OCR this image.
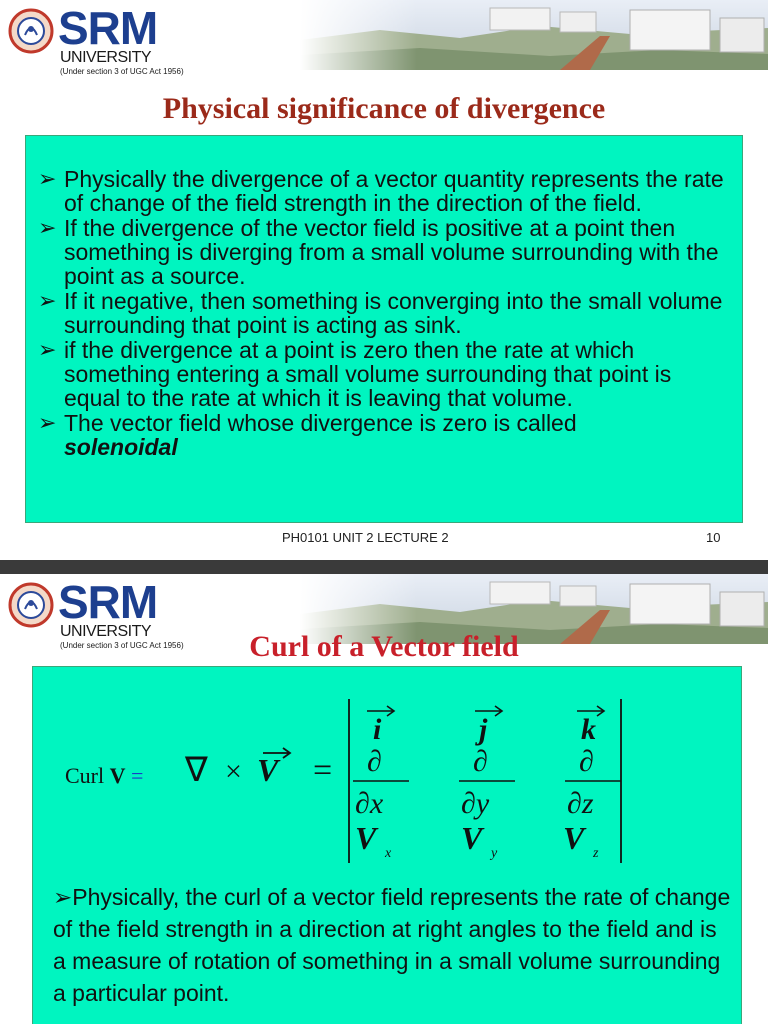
SRM
UNIVERSITY
(Under section 3 of UGC Act 1956)
Physical significance of divergence
➢ Physically the divergence of a vector quantity represents the rate of change of the field strength in the direction of the field.
➢ If the divergence of the vector field is positive at a point then something is diverging from a small volume surrounding with the point as a source.
➢ If it negative, then something is converging into the small volume surrounding that point is acting as sink.
➢ if the divergence at a point is zero then the rate at which something entering a small volume surrounding that point is equal to the rate at which it is leaving that volume.
➢ The vector field whose divergence is zero is called
solenoidal
PH0101 UNIT 2 LECTURE 2	10
SRM
UNIVERSITY
(Under section 3 of UGC Act 1956)	Curl of a Vector field
Curl V = ∇ × V =
i	j	k
∂
∂x
∂
∂y
∂
∂z
V x V y V z
➢Physically, the curl of a vector field represents the rate of change of the field strength in a direction at right angles to the field and is a measure of rotation of something in a small volume surrounding a particular point.
